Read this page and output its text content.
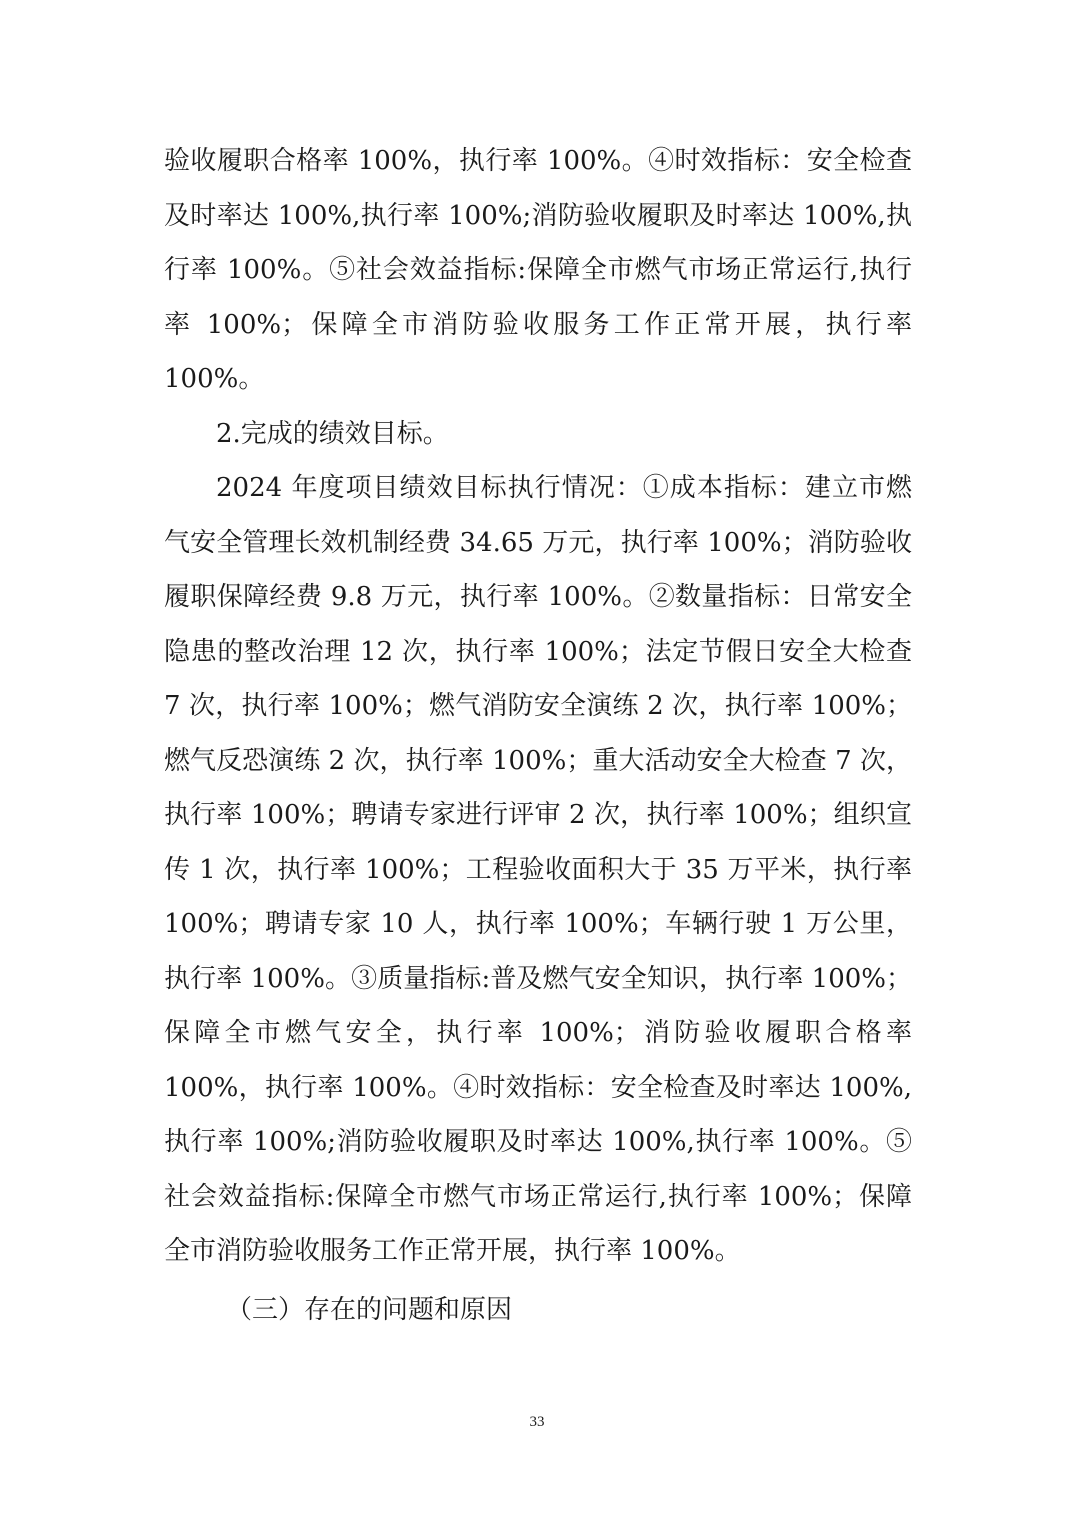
验收履职合格率 100%，执行率 100%。④时效指标：安全检查及时率达 100%,执行率 100%;消防验收履职及时率达 100%,执行率 100%。⑤社会效益指标:保障全市燃气市场正常运行,执行率 100%；保障全市消防验收服务工作正常开展，执行率 100%。

2.完成的绩效目标。

2024 年度项目绩效目标执行情况：①成本指标：建立市燃气安全管理长效机制经费 34.65 万元，执行率 100%；消防验收履职保障经费 9.8 万元，执行率 100%。②数量指标：日常安全隐患的整改治理 12 次，执行率 100%；法定节假日安全大检查 7 次，执行率 100%；燃气消防安全演练 2 次，执行率 100%；燃气反恐演练 2 次，执行率 100%；重大活动安全大检查 7 次，执行率 100%；聘请专家进行评审 2 次，执行率 100%；组织宣传 1 次，执行率 100%；工程验收面积大于 35 万平米，执行率 100%；聘请专家 10 人，执行率 100%；车辆行驶 1 万公里，执行率 100%。③质量指标:普及燃气安全知识，执行率 100%；保障全市燃气安全，执行率 100%；消防验收履职合格率 100%，执行率 100%。④时效指标：安全检查及时率达 100%,执行率 100%;消防验收履职及时率达 100%,执行率 100%。⑤社会效益指标:保障全市燃气市场正常运行,执行率 100%；保障全市消防验收服务工作正常开展，执行率 100%。

（三）存在的问题和原因

33
